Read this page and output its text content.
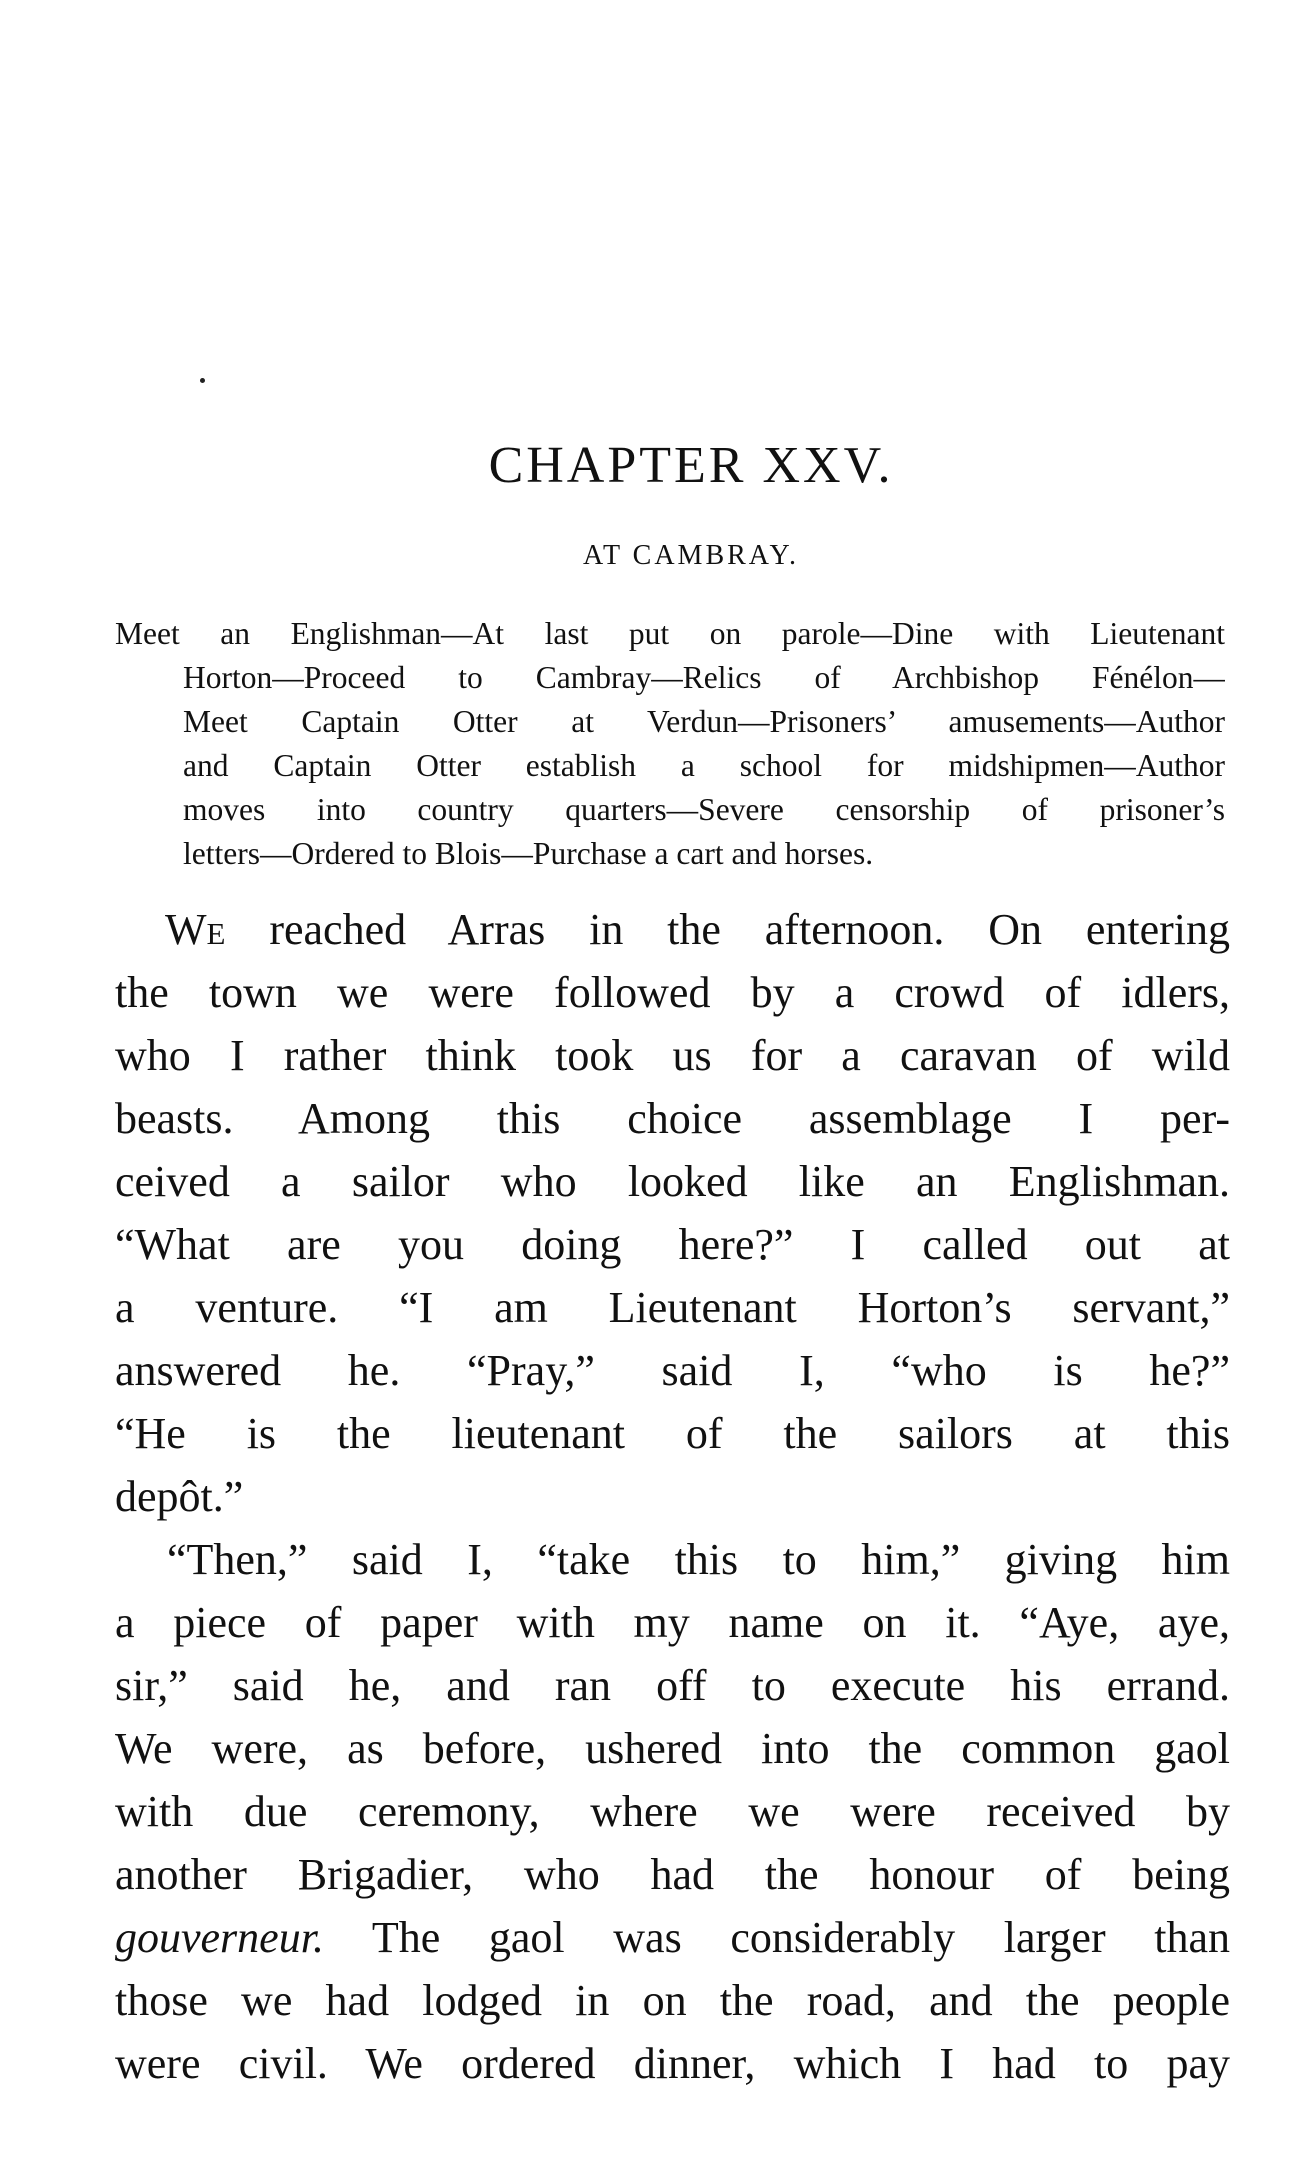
CHAPTER XXV.
AT CAMBRAY.
Meet an Englishman—At last put on parole—Dine with Lieutenant
Horton—Proceed to Cambray—Relics of Archbishop Fénélon—
Meet Captain Otter at Verdun—Prisoners’ amusements—Author
and Captain Otter establish a school for midshipmen—Author
moves into country quarters—Severe censorship of prisoner’s
letters—Ordered to Blois—Purchase a cart and horses.
We reached Arras in the afternoon. On entering
the town we were followed by a crowd of idlers,
who I rather think took us for a caravan of wild
beasts. Among this choice assemblage I per-
ceived a sailor who looked like an Englishman.
“What are you doing here?” I called out at
a venture. “I am Lieutenant Horton’s servant,”
answered he. “Pray,” said I, “who is he?”
“He is the lieutenant of the sailors at this
depôt.”
“Then,” said I, “take this to him,” giving him
a piece of paper with my name on it. “Aye, aye,
sir,” said he, and ran off to execute his errand.
We were, as before, ushered into the common gaol
with due ceremony, where we were received by
another Brigadier, who had the honour of being
gouverneur. The gaol was considerably larger than
those we had lodged in on the road, and the people
were civil. We ordered dinner, which I had to pay
